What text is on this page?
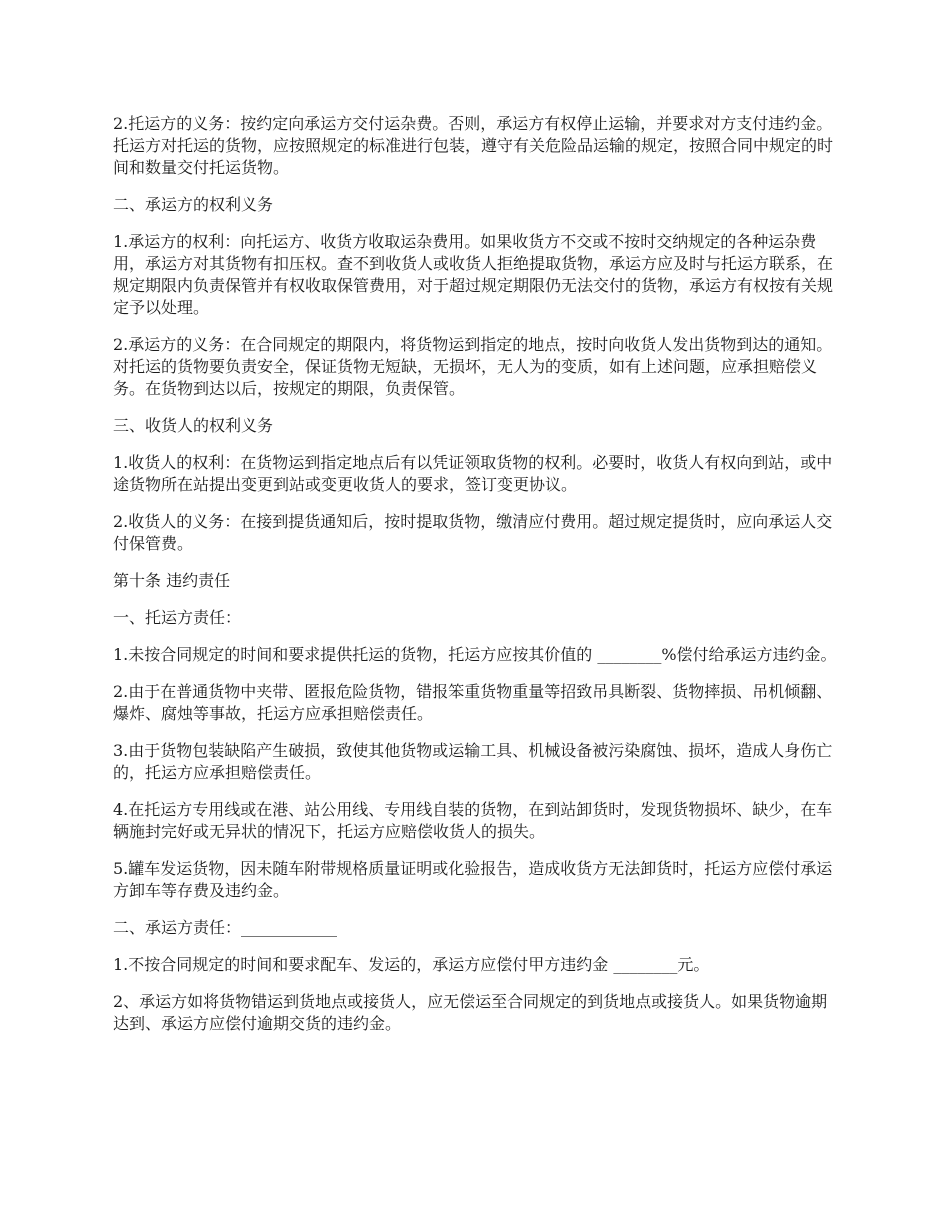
2.托运方的义务：按约定向承运方交付运杂费。否则，承运方有权停止运输，并要求对方支付违约金。托运方对托运的货物，应按照规定的标准进行包装，遵守有关危险品运输的规定，按照合同中规定的时间和数量交付托运货物。

二、承运方的权利义务

1.承运方的权利：向托运方、收货方收取运杂费用。如果收货方不交或不按时交纳规定的各种运杂费用，承运方对其货物有扣压权。查不到收货人或收货人拒绝提取货物，承运方应及时与托运方联系，在规定期限内负责保管并有权收取保管费用，对于超过规定期限仍无法交付的货物，承运方有权按有关规定予以处理。

2.承运方的义务：在合同规定的期限内，将货物运到指定的地点，按时向收货人发出货物到达的通知。对托运的货物要负责安全，保证货物无短缺，无损坏，无人为的变质，如有上述问题，应承担赔偿义务。在货物到达以后，按规定的期限，负责保管。

三、收货人的权利义务

1.收货人的权利：在货物运到指定地点后有以凭证领取货物的权利。必要时，收货人有权向到站，或中途货物所在站提出变更到站或变更收货人的要求，签订变更协议。

2.收货人的义务：在接到提货通知后，按时提取货物，缴清应付费用。超过规定提货时，应向承运人交付保管费。

第十条 违约责任

一、托运方责任：

1.未按合同规定的时间和要求提供托运的货物，托运方应按其价值的 ________%偿付给承运方违约金。

2.由于在普通货物中夹带、匿报危险货物，错报笨重货物重量等招致吊具断裂、货物摔损、吊机倾翻、爆炸、腐烛等事故，托运方应承担赔偿责任。

3.由于货物包装缺陷产生破损，致使其他货物或运输工具、机械设备被污染腐蚀、损坏，造成人身伤亡的，托运方应承担赔偿责任。

4.在托运方专用线或在港、站公用线、专用线自装的货物，在到站卸货时，发现货物损坏、缺少，在车辆施封完好或无异状的情况下，托运方应赔偿收货人的损失。

5.罐车发运货物，因未随车附带规格质量证明或化验报告，造成收货方无法卸货时，托运方应偿付承运方卸车等存费及违约金。

二、承运方责任：____________

1.不按合同规定的时间和要求配车、发运的，承运方应偿付甲方违约金 ________元。

2、承运方如将货物错运到货地点或接货人，应无偿运至合同规定的到货地点或接货人。如果货物逾期达到、承运方应偿付逾期交货的违约金。
